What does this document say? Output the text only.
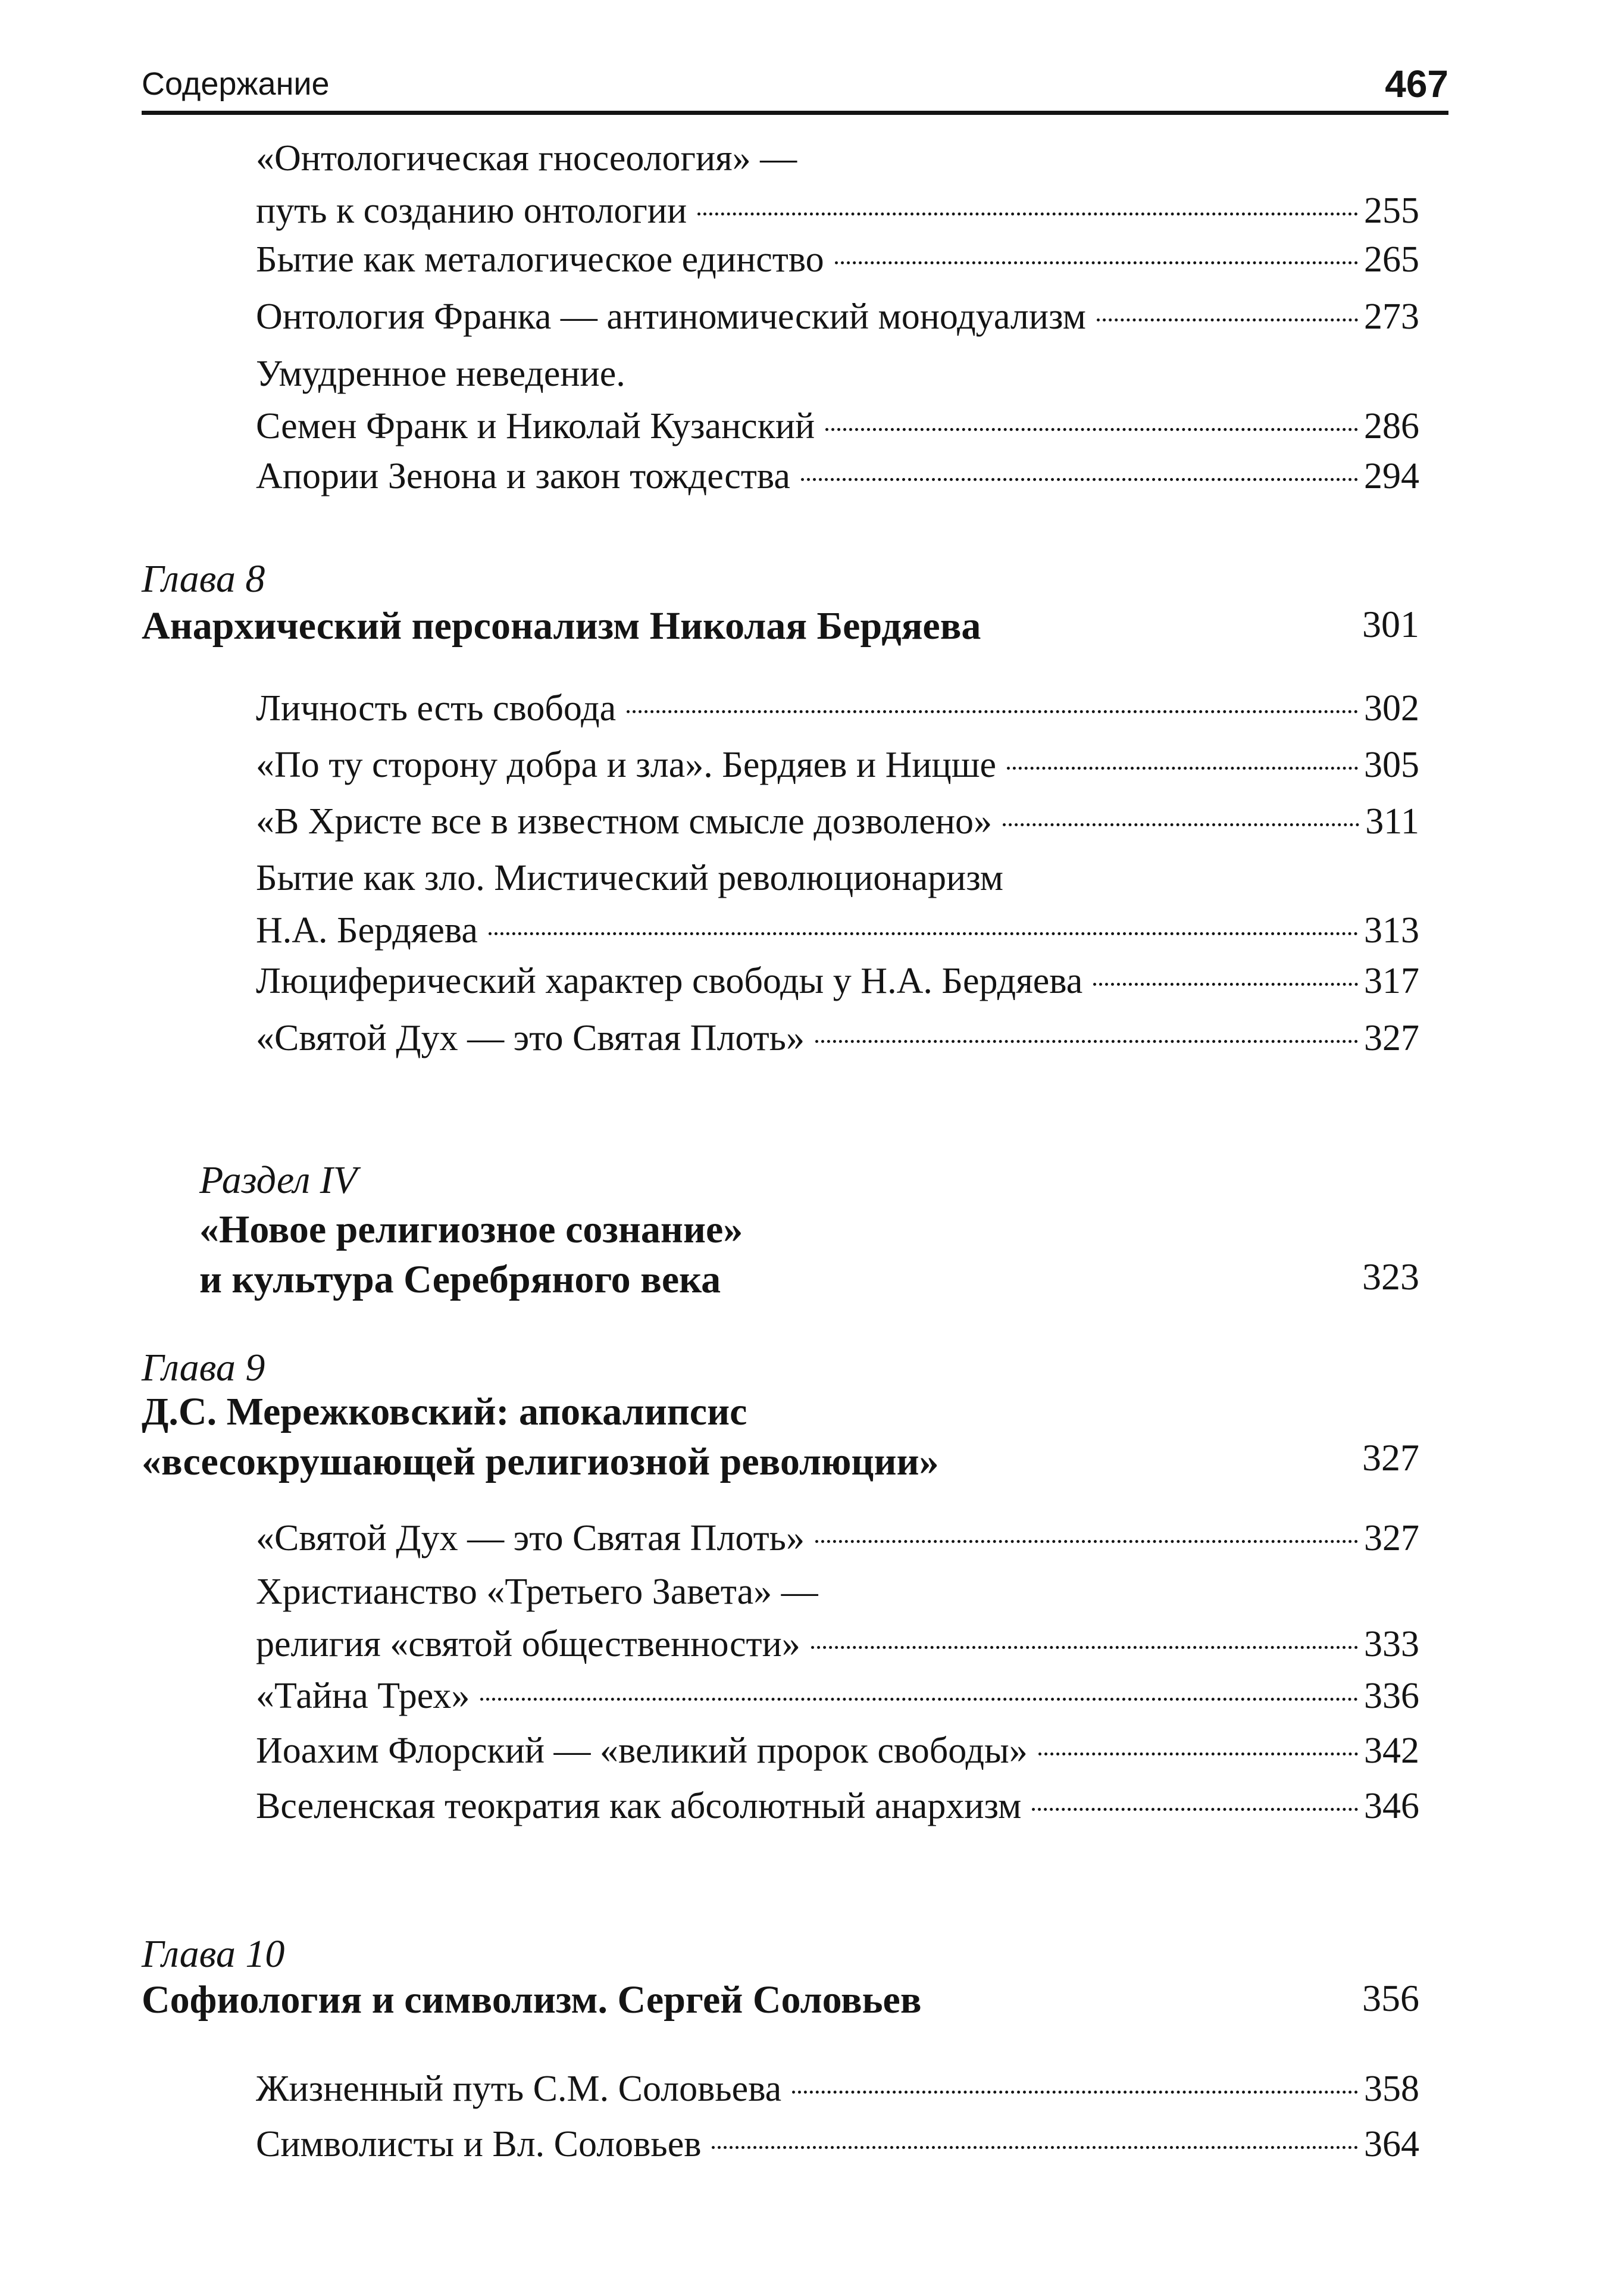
Содержание	467
«Онтологическая гносеология» —
путь к созданию онтологии	255
Бытие как металогическое единство	265
Онтология Франка — антиномический монодуализм	273
Умудренное неведение.
Семен Франк и Николай Кузанский	286
Апории Зенона и закон тождества	294
Глава 8
Анархический персонализм Николая Бердяева	301
Личность есть свобода	302
«По ту сторону добра и зла». Бердяев и Ницше	305
«В Христе все в известном смысле дозволено»	311
Бытие как зло. Мистический революционаризм
Н.А. Бердяева	313
Люциферический характер свободы у Н.А. Бердяева	317
«Святой Дух — это Святая Плоть»	327
Раздел IV
«Новое религиозное сознание»
и культура Серебряного века	323
Глава 9
Д.С. Мережковский: апокалипсис
«всесокрушающей религиозной революции»	327
«Святой Дух — это Святая Плоть»	327
Христианство «Третьего Завета» —
религия «святой общественности»	333
«Тайна Трех»	336
Иоахим Флорский — «великий пророк свободы»	342
Вселенская теократия как абсолютный анархизм	346
Глава 10
Софиология и символизм. Сергей Соловьев	356
Жизненный путь С.М. Соловьева	358
Символисты и Вл. Соловьев	364
